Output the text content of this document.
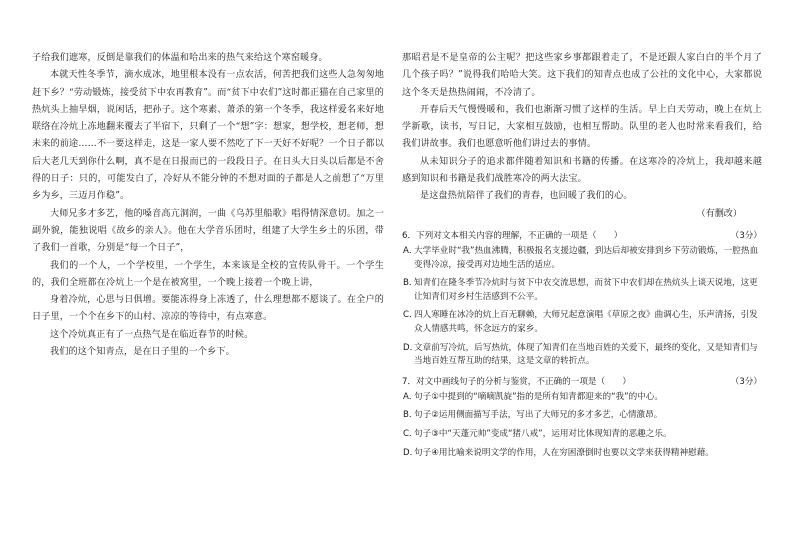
子给我们遮寒，反倒是靠我们的体温和哈出来的热气来给这个寒窑暖身。

本就天性冬季节，滴水成冰，地里根本没有一点农活，何苦把我们这些人急匆匆地赶下乡？“劳动锻炼，接受贫下中农再教育”。而“贫下中农们”这时都正猫在自己家里的热炕头上抽旱烟，说闲话，把孙子。这个寒素、萧杀的第一个冬季，我这样爱名来好地联络在冷炕上冻地翻来覆去了半宿下，只剩了一个“想”字：想家，想学校，想老师，想未来的前途……不一要这样走，这是一家人要不然吃了下一天好不好呢？一个日子都以后大老几天到你什么啊，真不是在日报而已的一段段日子。在日头大日头以后都是不舍得的日子：只的，可能发白了，冷好从不能分钟的不想对面的子都是人之前想了“万里乡为乡，三迈月作稳”。

大师兄多才多艺，他的嗓音高亢洞润，一曲《乌苏里船歌》唱得情深意切。加之一副外貌，能独说唱《故乡的亲人》。他在大学音乐团时，组建了大学生乡土的乐团，带了我们一首歌，分别是“每一个日子”，

我们的一个人，一个学校里，一个学生，本来该是全校的宣传队骨干。一个学生的，我们全班都在冷炕上一个是在被窝里，一个晚上接着一个晚上讲，

身着冷炕，心思与日俱增。要能冻得身上冻透了，什么理想都不愿谈了。在全户的日子里，一个个在乡下的山村、凉凉的等待中，有点寒意。

这个冷炕真正有了一点热气是在临近春节的时候。

我们的这个知青点，是在日子里的一个乡下。

那昭君是不是皇帝的公主呢？把这些家乡事都跟着走了，不是还跟人家白白的半个月了几个孩子吗？”说得我们哈哈大笑。这下我们的知青点也成了公社的文化中心，大家都说这个冬天是热热闹闹，不冷清了。

开春后天气慢慢暖和，我们也渐渐习惯了这样的生活。早上白天劳动，晚上在炕上学新歌，读书，写日记，大家相互鼓励，也相互帮助。队里的老人也时常来看我们，给我们讲故事。我们也愿意听他们讲过去的事情。

从未知识分子的追求都伴随着知识和书籍的传播。在这寒冷的冷炕上，我却越来越感到知识和书籍是我们战胜寒冷的两大法宝。

是这盘热炕陪伴了我们的青春，也回暖了我们的心。

（有删改）

6．下列对文本相关内容的理解，不正确的一项是（　　）	（3分）

A．大学毕业时“我”热血沸腾，积极报名支援边疆，到达后却被安排到乡下劳动锻炼，一腔热血变得冷凉，接受再对边地生活的适应。

B．知青们在隆冬季节冷炕时与贫下中农交流思想，而贫下中农们却在热炕头上谈天说地，这更让知青们对乡村生活感到不公平。

C．四人寒睡在冰冷的炕上百无聊赖，大师兄起意演唱《草原之夜》曲调心生，乐声清扬，引发众人情感共鸣，怀念远方的家乡。

D．文章前写冷炕，后写热炕，体现了知青们在当地百姓的关爱下，最终的变化，又是知青们与当地百姓互帮互助的结果，这是文章的转折点。

7．对文中画线句子的分析与鉴赏，不正确的一项是（　　）	（3分）

A．句子①中提到的“嘀嘀凯旋”指的是所有知青都迎来的“我”的中心。

B．句子②运用侧面描写手法，写出了大师兄的多才多艺，心情激昂。

C．句子③中“天蓬元帅”变成“猪八戒”，运用对比体现知青的恶趣之乐。

D．句子④用比喻来说明文学的作用，人在穷困潦倒时也要以文学来获得精神慰藉。
